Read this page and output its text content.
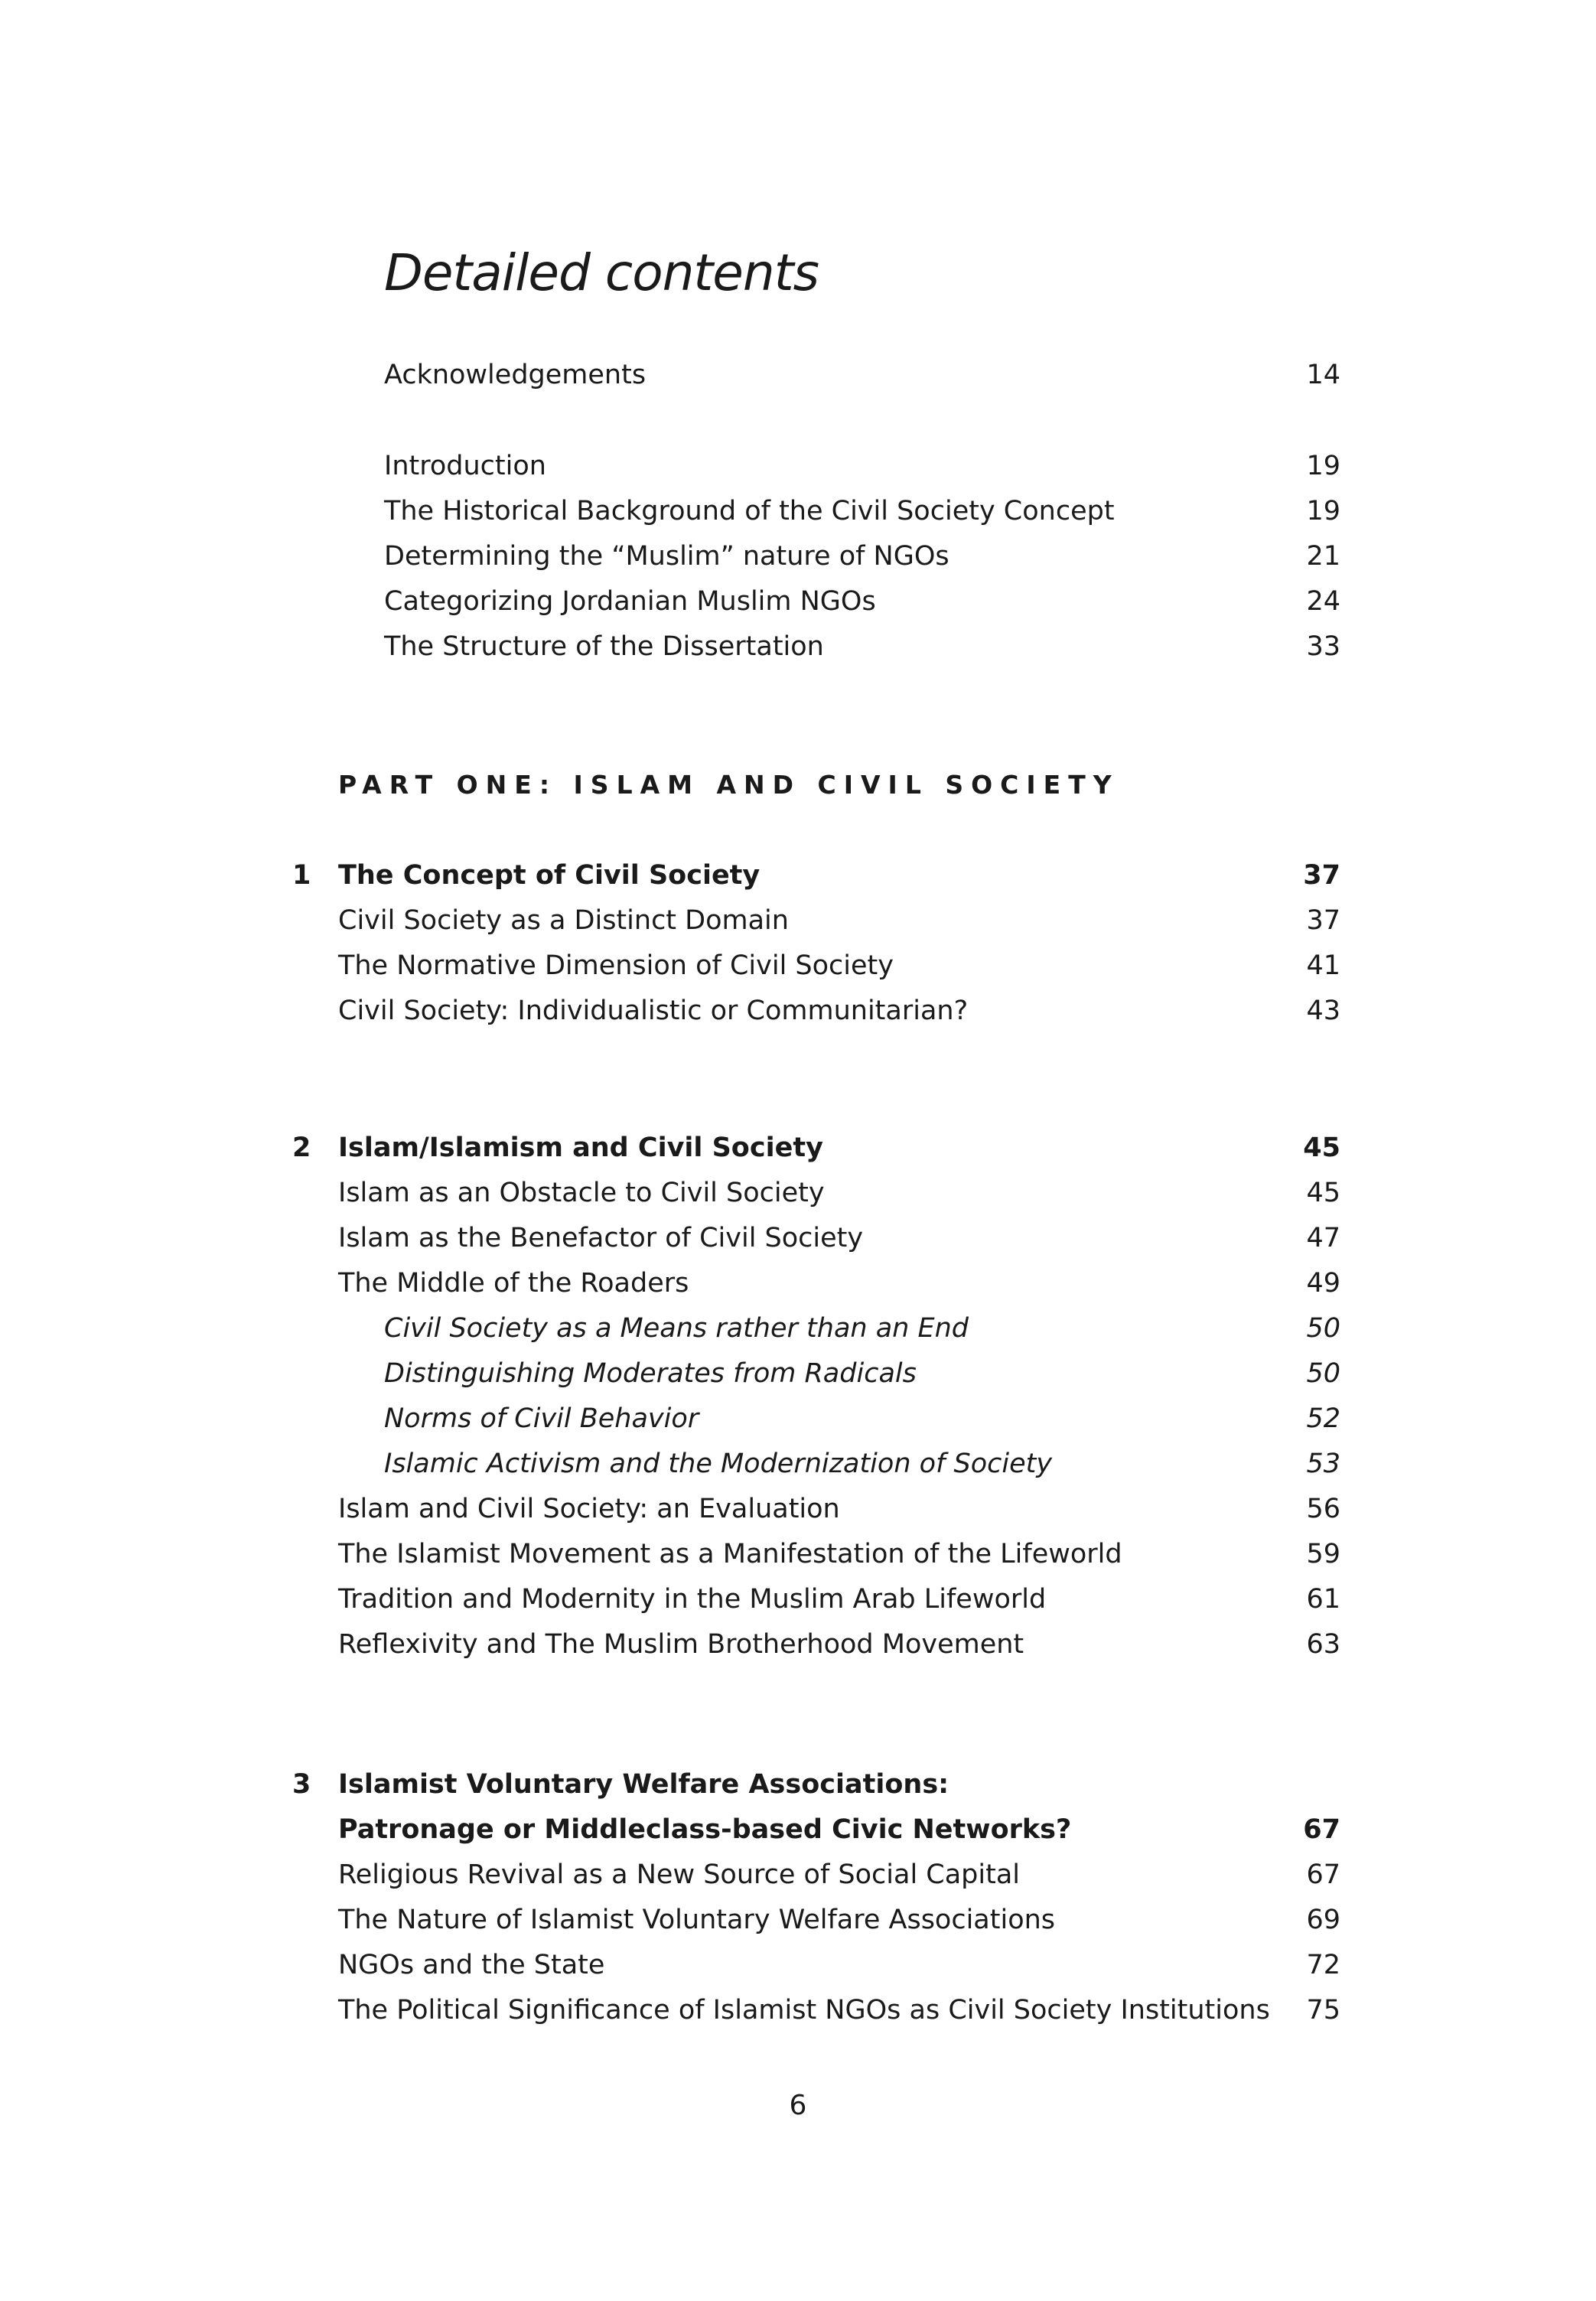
Detailed contents
Acknowledgements	14
Introduction	19
The Historical Background of the Civil Society Concept	19
Determining the “Muslim” nature of NGOs	21
Categorizing Jordanian Muslim NGOs	24
The Structure of the Dissertation	33
PART ONE: ISLAM AND CIVIL SOCIETY
1 The Concept of Civil Society	37
Civil Society as a Distinct Domain	37
The Normative Dimension of Civil Society	41
Civil Society: Individualistic or Communitarian?	43
2 Islam/Islamism and Civil Society	45
Islam as an Obstacle to Civil Society	45
Islam as the Benefactor of Civil Society	47
The Middle of the Roaders	49
Civil Society as a Means rather than an End	50
Distinguishing Moderates from Radicals	50
Norms of Civil Behavior	52
Islamic Activism and the Modernization of Society	53
Islam and Civil Society: an Evaluation	56
The Islamist Movement as a Manifestation of the Lifeworld	59
Tradition and Modernity in the Muslim Arab Lifeworld	61
Reflexivity and The Muslim Brotherhood Movement	63
3 Islamist Voluntary Welfare Associations:
Patronage or Middleclass-based Civic Networks?	67
Religious Revival as a New Source of Social Capital	67
The Nature of Islamist Voluntary Welfare Associations	69
NGOs and the State	72
The Political Significance of Islamist NGOs as Civil Society Institutions 75
6
